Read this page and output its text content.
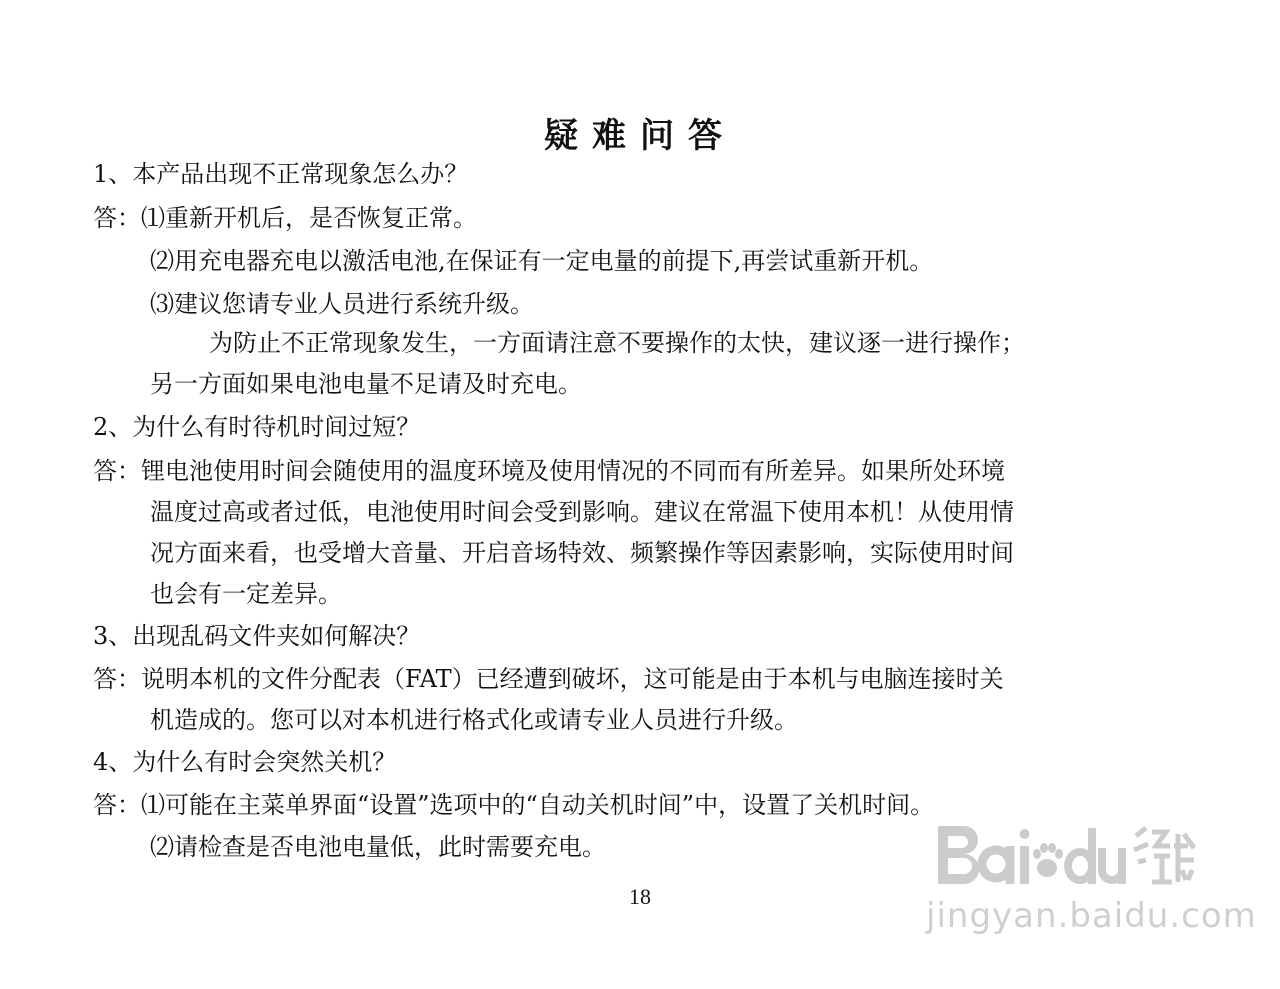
疑难问答
1、本产品出现不正常现象怎么办？
答：⑴重新开机后，是否恢复正常。
⑵用充电器充电以激活电池,在保证有一定电量的前提下,再尝试重新开机。
⑶建议您请专业人员进行系统升级。
为防止不正常现象发生，一方面请注意不要操作的太快，建议逐一进行操作；
另一方面如果电池电量不足请及时充电。
2、为什么有时待机时间过短？
答：锂电池使用时间会随使用的温度环境及使用情况的不同而有所差异。如果所处环境
温度过高或者过低，电池使用时间会受到影响。建议在常温下使用本机！从使用情
况方面来看，也受增大音量、开启音场特效、频繁操作等因素影响，实际使用时间
也会有一定差异。
3、出现乱码文件夹如何解决？
答：说明本机的文件分配表（FAT）已经遭到破坏，这可能是由于本机与电脑连接时关
机造成的。您可以对本机进行格式化或请专业人员进行升级。
4、为什么有时会突然关机？
答：⑴可能在主菜单界面“设置”选项中的“自动关机时间”中，设置了关机时间。
⑵请检查是否电池电量低，此时需要充电。
18	jingyan.baidu.com
